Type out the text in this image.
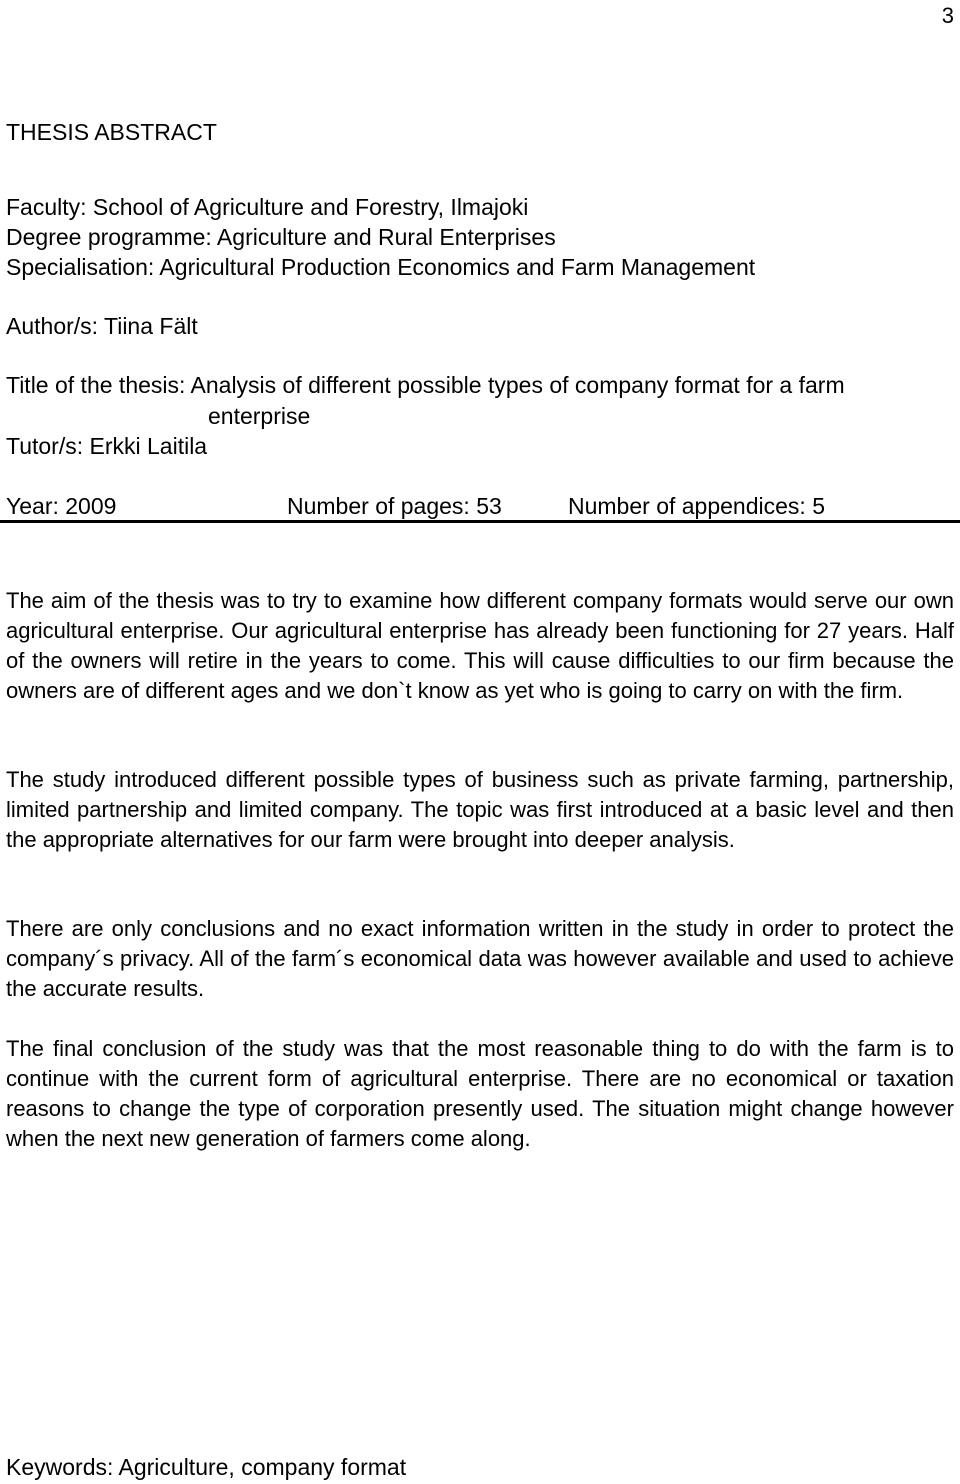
3
THESIS ABSTRACT
Faculty: School of Agriculture and Forestry, Ilmajoki
Degree programme: Agriculture and Rural Enterprises
Specialisation: Agricultural Production Economics and Farm Management
Author/s: Tiina Fält
Title of the thesis: Analysis of different possible types of company format for a farm
enterprise
Tutor/s: Erkki Laitila
Year: 2009	Number of pages: 53	Number of appendices: 5
The aim of the thesis was to try to examine how different company formats would serve our own agricultural enterprise. Our agricultural enterprise has already been functioning for 27 years. Half of the owners will retire in the years to come. This will cause difficulties to our firm because the owners are of different ages and we don`t know as yet who is going to carry on with the firm.
The study introduced different possible types of business such as private farming, partnership, limited partnership and limited company. The topic was first introduced at a basic level and then the appropriate alternatives for our farm were brought into deeper analysis.
There are only conclusions and no exact information written in the study in order to protect the company´s privacy. All of the farm´s economical data was however available and used to achieve the accurate results.
The final conclusion of the study was that the most reasonable thing to do with the farm is to continue with the current form of agricultural enterprise. There are no economical or taxation reasons to change the type of corporation presently used. The situation might change however when the next new generation of farmers come along.
Keywords: Agriculture, company format
